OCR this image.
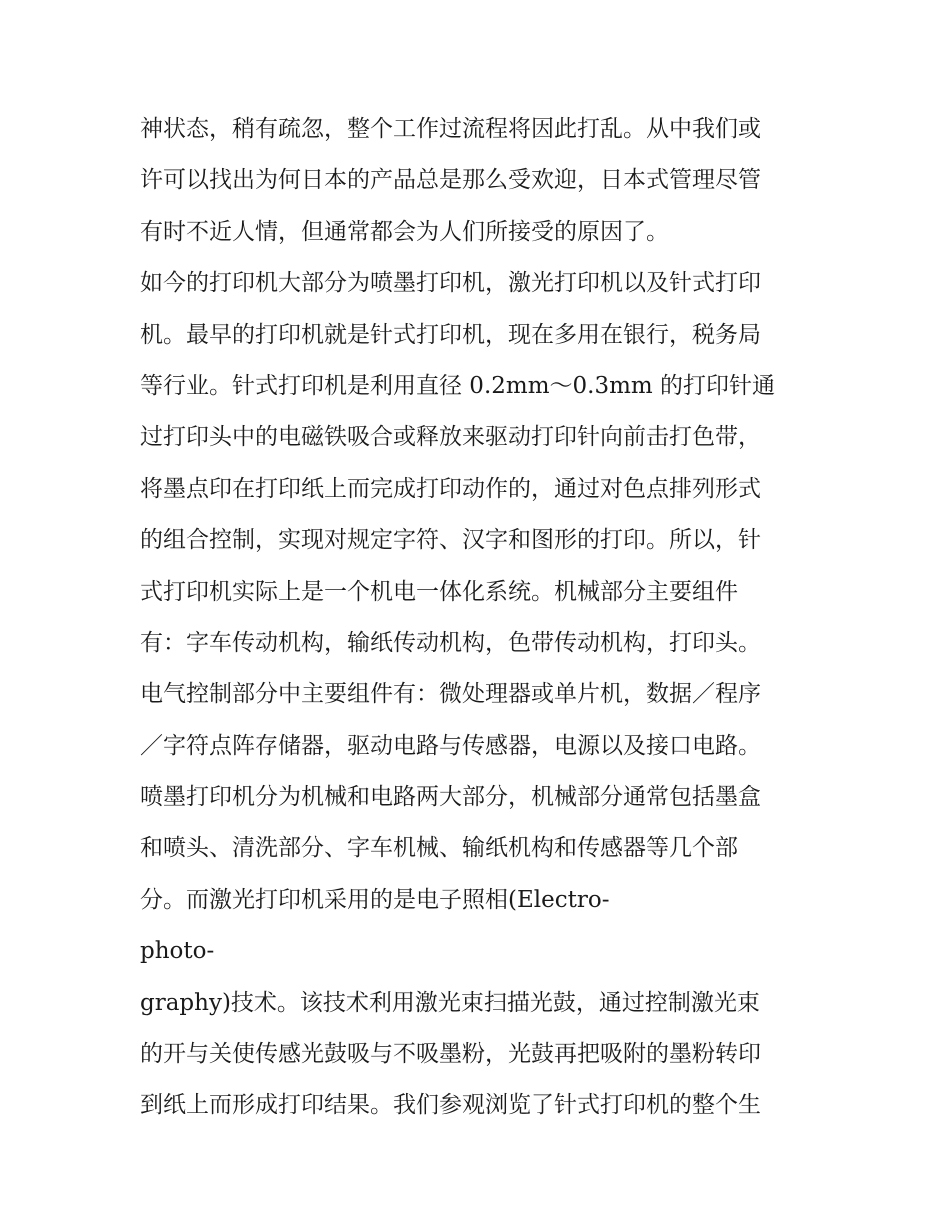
神状态，稍有疏忽，整个工作过流程将因此打乱。从中我们或
许可以找出为何日本的产品总是那么受欢迎，日本式管理尽管
有时不近人情，但通常都会为人们所接受的原因了。
如今的打印机大部分为喷墨打印机，激光打印机以及针式打印
机。最早的打印机就是针式打印机，现在多用在银行，税务局
等行业。针式打印机是利用直径 0.2mm～0.3mm 的打印针通
过打印头中的电磁铁吸合或释放来驱动打印针向前击打色带，
将墨点印在打印纸上而完成打印动作的，通过对色点排列形式
的组合控制，实现对规定字符、汉字和图形的打印。所以，针
式打印机实际上是一个机电一体化系统。机械部分主要组件
有：字车传动机构，输纸传动机构，色带传动机构，打印头。
电气控制部分中主要组件有：微处理器或单片机，数据／程序
／字符点阵存储器，驱动电路与传感器，电源以及接口电路。
喷墨打印机分为机械和电路两大部分，机械部分通常包括墨盒
和喷头、清洗部分、字车机械、输纸机构和传感器等几个部
分。而激光打印机采用的是电子照相(Electro-
photo-
graphy)技术。该技术利用激光束扫描光鼓，通过控制激光束
的开与关使传感光鼓吸与不吸墨粉，光鼓再把吸附的墨粉转印
到纸上而形成打印结果。我们参观浏览了针式打印机的整个生
